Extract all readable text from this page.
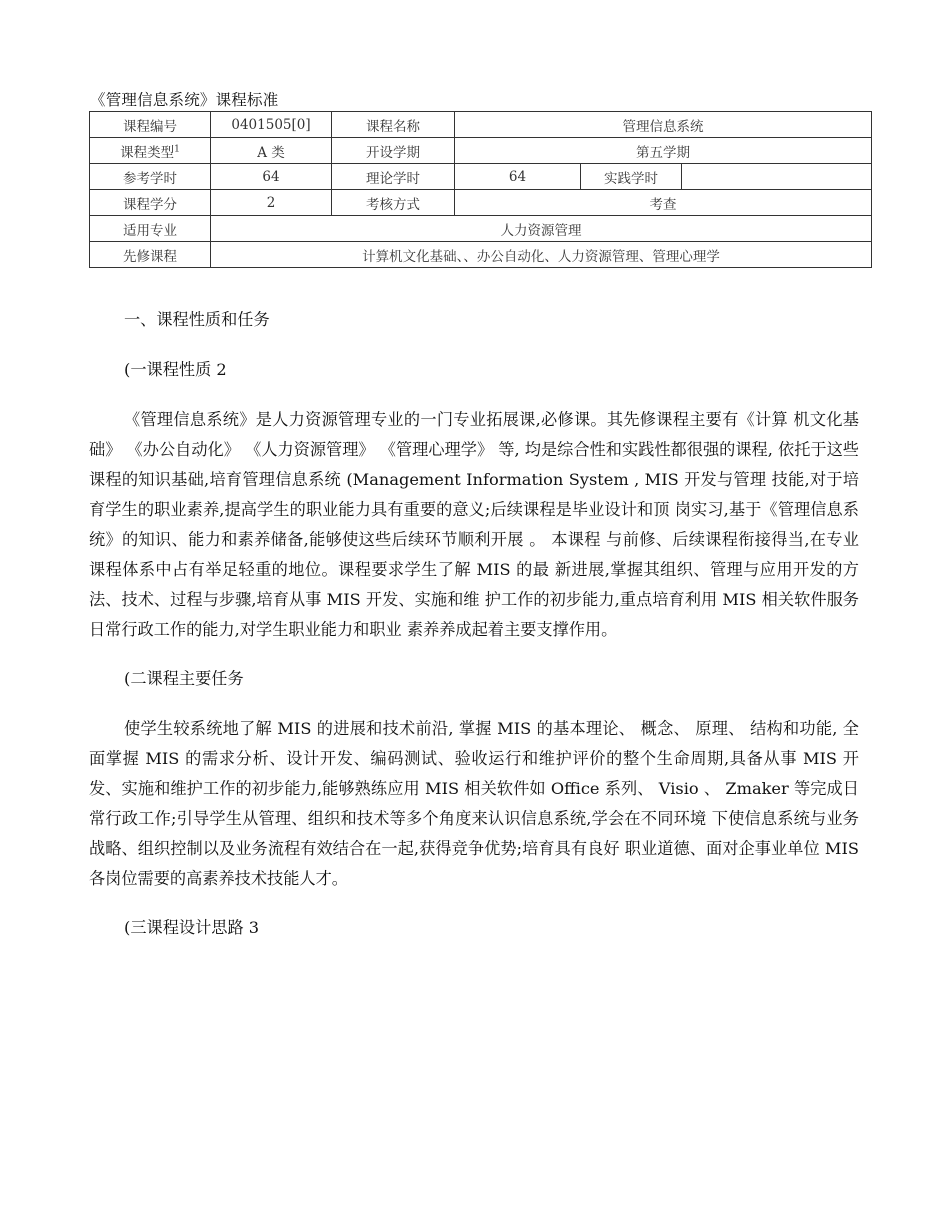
《管理信息系统》课程标准
课程编号	0401505[0]	课程名称	管理信息系统		
课程类型$^1$	A 类	开设学期	第五学期		
参考学时	64	理论学时	64	实践学时	
课程学分	2	考核方式	考查		
适用专业	人力资源管理				
先修课程	计算机文化基础、、办公自动化、人力资源管理、管理心理学				

一、课程性质和任务

(一课程性质 2

《管理信息系统》是人力资源管理专业的一门专业拓展课,必修课。其先修课程主要有《计算 机文化基础》 《办公自动化》 《人力资源管理》 《管理心理学》 等, 均是综合性和实践性都很强的课程, 依托于这些课程的知识基础,培育管理信息系统 (Management Information System , MIS 开发与管理 技能,对于培育学生的职业素养,提高学生的职业能力具有重要的意义;后续课程是毕业设计和顶 岗实习,基于《管理信息系统》的知识、能力和素养储备,能够使这些后续环节顺利开展 。 本课程 与前修、后续课程衔接得当,在专业课程体系中占有举足轻重的地位。课程要求学生了解 MIS 的最 新进展,掌握其组织、管理与应用开发的方法、技术、过程与步骤,培育从事 MIS 开发、实施和维 护工作的初步能力,重点培育利用 MIS 相关软件服务日常行政工作的能力,对学生职业能力和职业 素养养成起着主要支撑作用。

(二课程主要任务

使学生较系统地了解 MIS 的进展和技术前沿, 掌握 MIS 的基本理论、 概念、 原理、 结构和功能, 全面掌握 MIS 的需求分析、设计开发、编码测试、验收运行和维护评价的整个生命周期,具备从事 MIS 开发、实施和维护工作的初步能力,能够熟练应用 MIS 相关软件如 Office 系列、 Visio 、 Zmaker 等完成日常行政工作;引导学生从管理、组织和技术等多个角度来认识信息系统,学会在不同环境 下使信息系统与业务战略、组织控制以及业务流程有效结合在一起,获得竞争优势;培育具有良好 职业道德、面对企事业单位 MIS 各岗位需要的高素养技术技能人才。

(三课程设计思路 3
